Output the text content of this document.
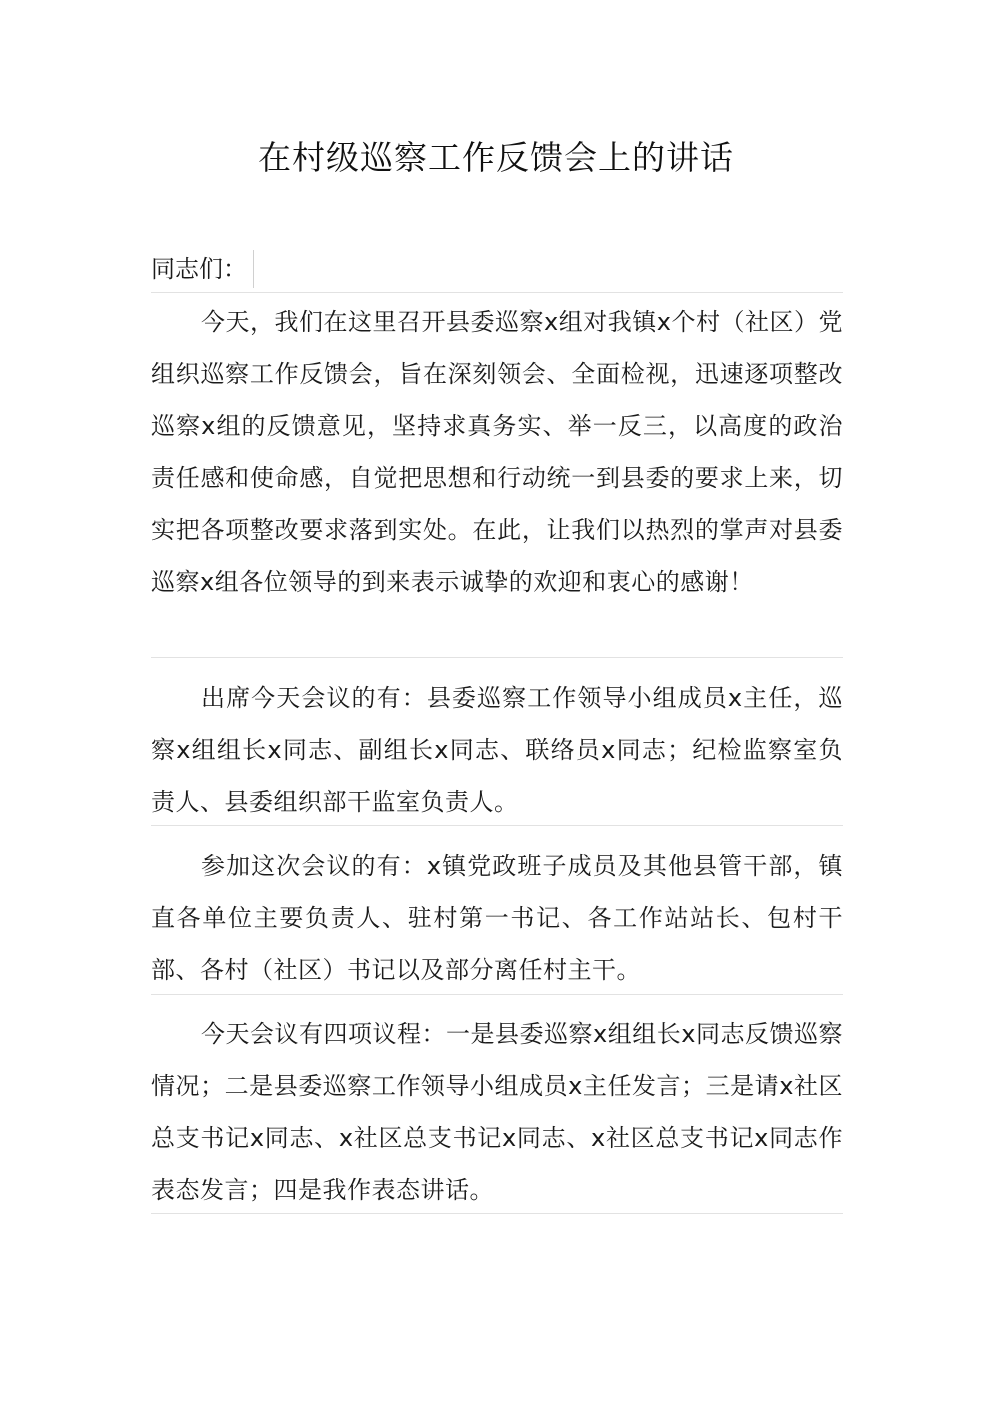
在村级巡察工作反馈会上的讲话
同志们：

今天，我们在这里召开县委巡察x组对我镇x个村（社区）党组织巡察工作反馈会，旨在深刻领会、全面检视，迅速逐项整改巡察x组的反馈意见，坚持求真务实、举一反三，以高度的政治责任感和使命感，自觉把思想和行动统一到县委的要求上来，切实把各项整改要求落到实处。在此，让我们以热烈的掌声对县委巡察x组各位领导的到来表示诚挚的欢迎和衷心的感谢！

出席今天会议的有：县委巡察工作领导小组成员x主任，巡察x组组长x同志、副组长x同志、联络员x同志；纪检监察室负责人、县委组织部干监室负责人。

参加这次会议的有：x镇党政班子成员及其他县管干部，镇直各单位主要负责人、驻村第一书记、各工作站站长、包村干部、各村（社区）书记以及部分离任村主干。

今天会议有四项议程：一是县委巡察x组组长x同志反馈巡察情况；二是县委巡察工作领导小组成员x主任发言；三是请x社区总支书记x同志、x社区总支书记x同志、x社区总支书记x同志作表态发言；四是我作表态讲话。
